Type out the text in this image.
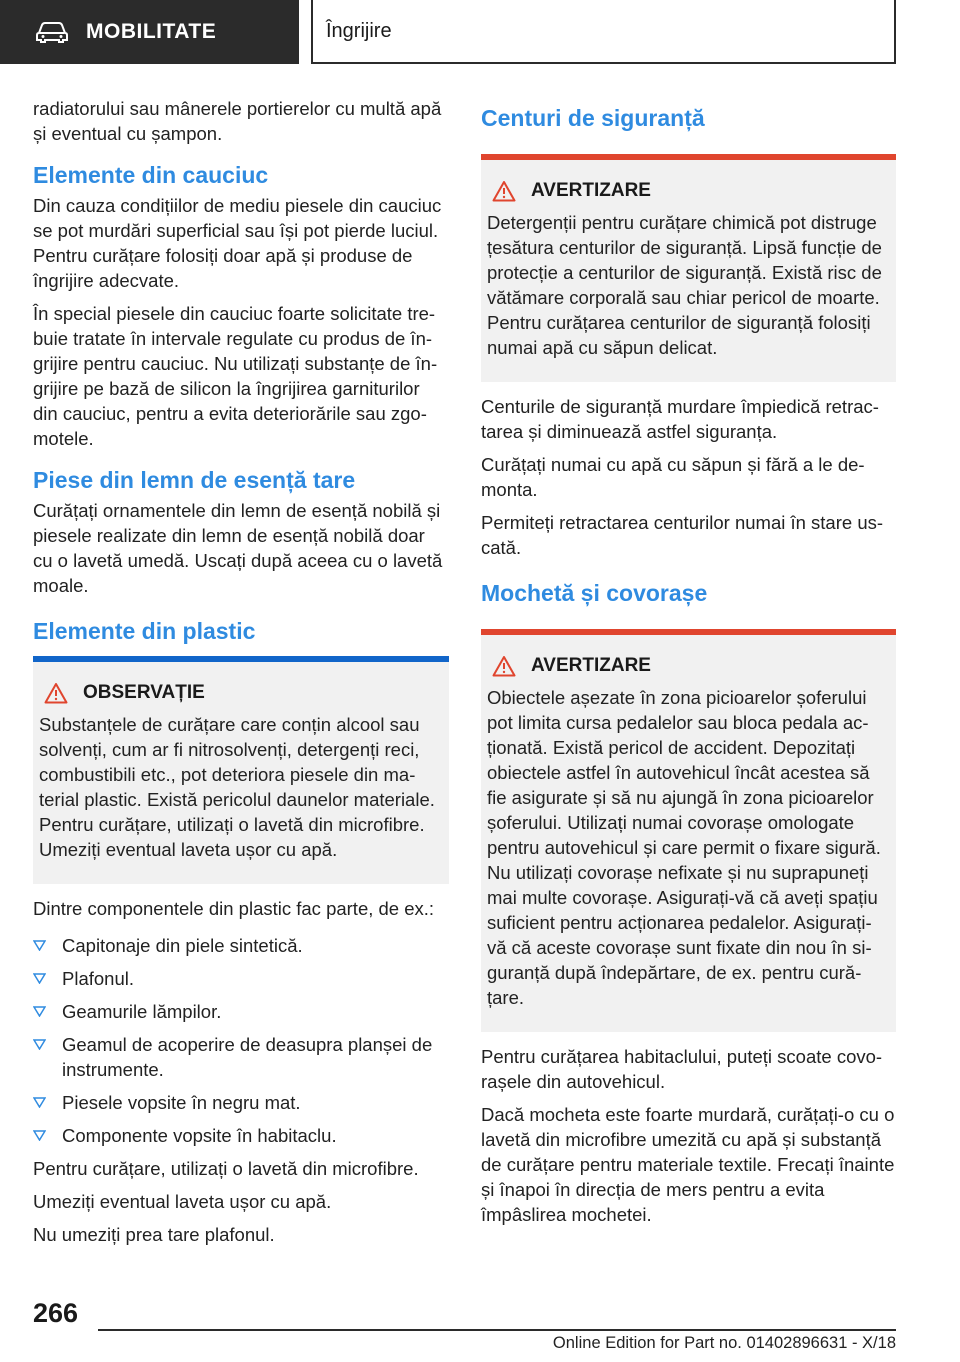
MOBILITATE	Îngrijire

radiatorului sau mânerele portierelor cu multă apă și eventual cu șampon.

Elemente din cauciuc

Din cauza condițiilor de mediu piesele din cauciuc se pot murdări superficial sau își pot pierde luciul. Pentru curățare folosiți doar apă și produse de îngrijire adecvate.

În special piesele din cauciuc foarte solicitate trebuie tratate în intervale regulate cu produs de îngrijire pentru cauciuc. Nu utilizați substanțe de îngrijire pe bază de silicon la îngrijirea garniturilor din cauciuc, pentru a evita deteriorările sau zgomotele.

Piese din lemn de esență tare

Curățați ornamentele din lemn de esență nobilă și piesele realizate din lemn de esență nobilă doar cu o lavetă umedă. Uscați după aceea cu o lavetă moale.

Elemente din plastic
OBSERVAȚIE

Substanțele de curățare care conțin alcool sau solvenți, cum ar fi nitrosolvenți, detergenți reci, combustibili etc., pot deteriora piesele din material plastic. Există pericolul daunelor materiale. Pentru curățare, utilizați o lavetă din microfibre. Umeziți eventual laveta ușor cu apă.

Dintre componentele din plastic fac parte, de ex.:

Capitonaje din piele sintetică.
Plafonul.
Geamurile lămpilor.
Geamul de acoperire de deasupra planșei de instrumente.
Piesele vopsite în negru mat.
Componente vopsite în habitaclu.

Pentru curățare, utilizați o lavetă din microfibre.

Umeziți eventual laveta ușor cu apă.

Nu umeziți prea tare plafonul.

Centuri de siguranță
AVERTIZARE

Detergenții pentru curățare chimică pot distruge țesătura centurilor de siguranță. Lipsă funcție de protecție a centurilor de siguranță. Există risc de vătămare corporală sau chiar pericol de moarte. Pentru curățarea centurilor de siguranță folosiți numai apă cu săpun delicat.

Centurile de siguranță murdare împiedică retractarea și diminuează astfel siguranța.

Curățați numai cu apă cu săpun și fără a le demonta.

Permiteți retractarea centurilor numai în stare uscată.

Mochetă și covorașe
AVERTIZARE

Obiectele așezate în zona picioarelor șoferului pot limita cursa pedalelor sau bloca pedala acționată. Există pericol de accident. Depozitați obiectele astfel în autovehicul încât acestea să fie asigurate și să nu ajungă în zona picioarelor șoferului. Utilizați numai covorașe omologate pentru autovehicul și care permit o fixare sigură. Nu utilizați covorașe nefixate și nu suprapuneți mai multe covorașe. Asigurați-vă că aveți spațiu suficient pentru acționarea pedalelor. Asigurați-vă că aceste covorașe sunt fixate din nou în siguranță după îndepărtare, de ex. pentru curățare.

Pentru curățarea habitaclului, puteți scoate covorașele din autovehicul.

Dacă mocheta este foarte murdară, curățați-o cu o lavetă din microfibre umezită cu apă și substanță de curățare pentru materiale textile. Frecați înainte și înapoi în direcția de mers pentru a evita împâslirea mochetei.

266
Online Edition for Part no. 01402896631 - X/18
